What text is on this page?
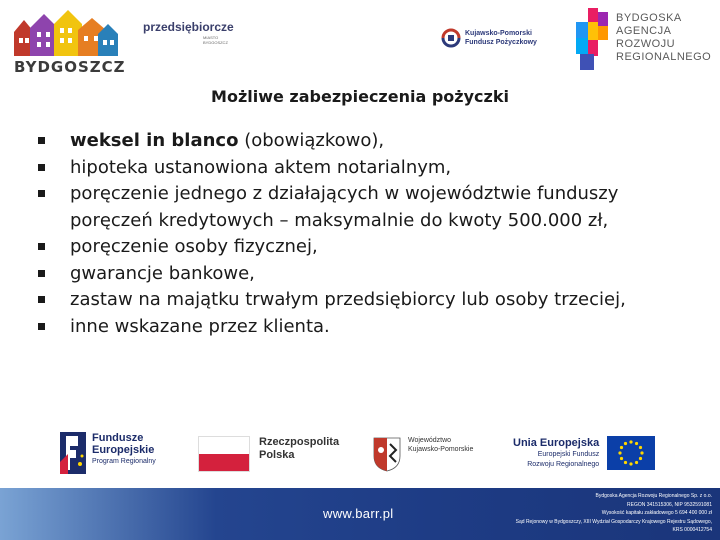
BYDGOSZCZ
przedsiębiorcze
MIASTO
BYDGOSZCZ
Kujawsko-Pomorski
Fundusz Pożyczkowy
BYDGOSKA
AGENCJA
ROZWOJU
REGIONALNEGO
Możliwe zabezpieczenia pożyczki
weksel in blanco (obowiązkowo),
hipoteka ustanowiona aktem notarialnym,
poręczenie jednego z działających w województwie funduszy
poręczeń kredytowych – maksymalnie do kwoty 500.000 zł,
poręczenie osoby fizycznej,
gwarancje bankowe,
zastaw na majątku trwałym przedsiębiorcy lub osoby trzeciej,
inne wskazane przez klienta.
Fundusze
Europejskie
Program Regionalny
Rzeczpospolita
Polska
Województwo
Kujawsko-Pomorskie
Unia Europejska
Europejski Fundusz
Rozwoju Regionalnego
www.barr.pl
Bydgoska Agencja Rozwoju Regionalnego Sp. z o.o.
REGON 341515306, NIP 9532591081
Wysokość kapitału zakładowego 5 694 400 000 zł
Sąd Rejonowy w Bydgoszczy, XIII Wydział Gospodarczy Krajowego Rejestru Sądowego,
KRS 0000412754
